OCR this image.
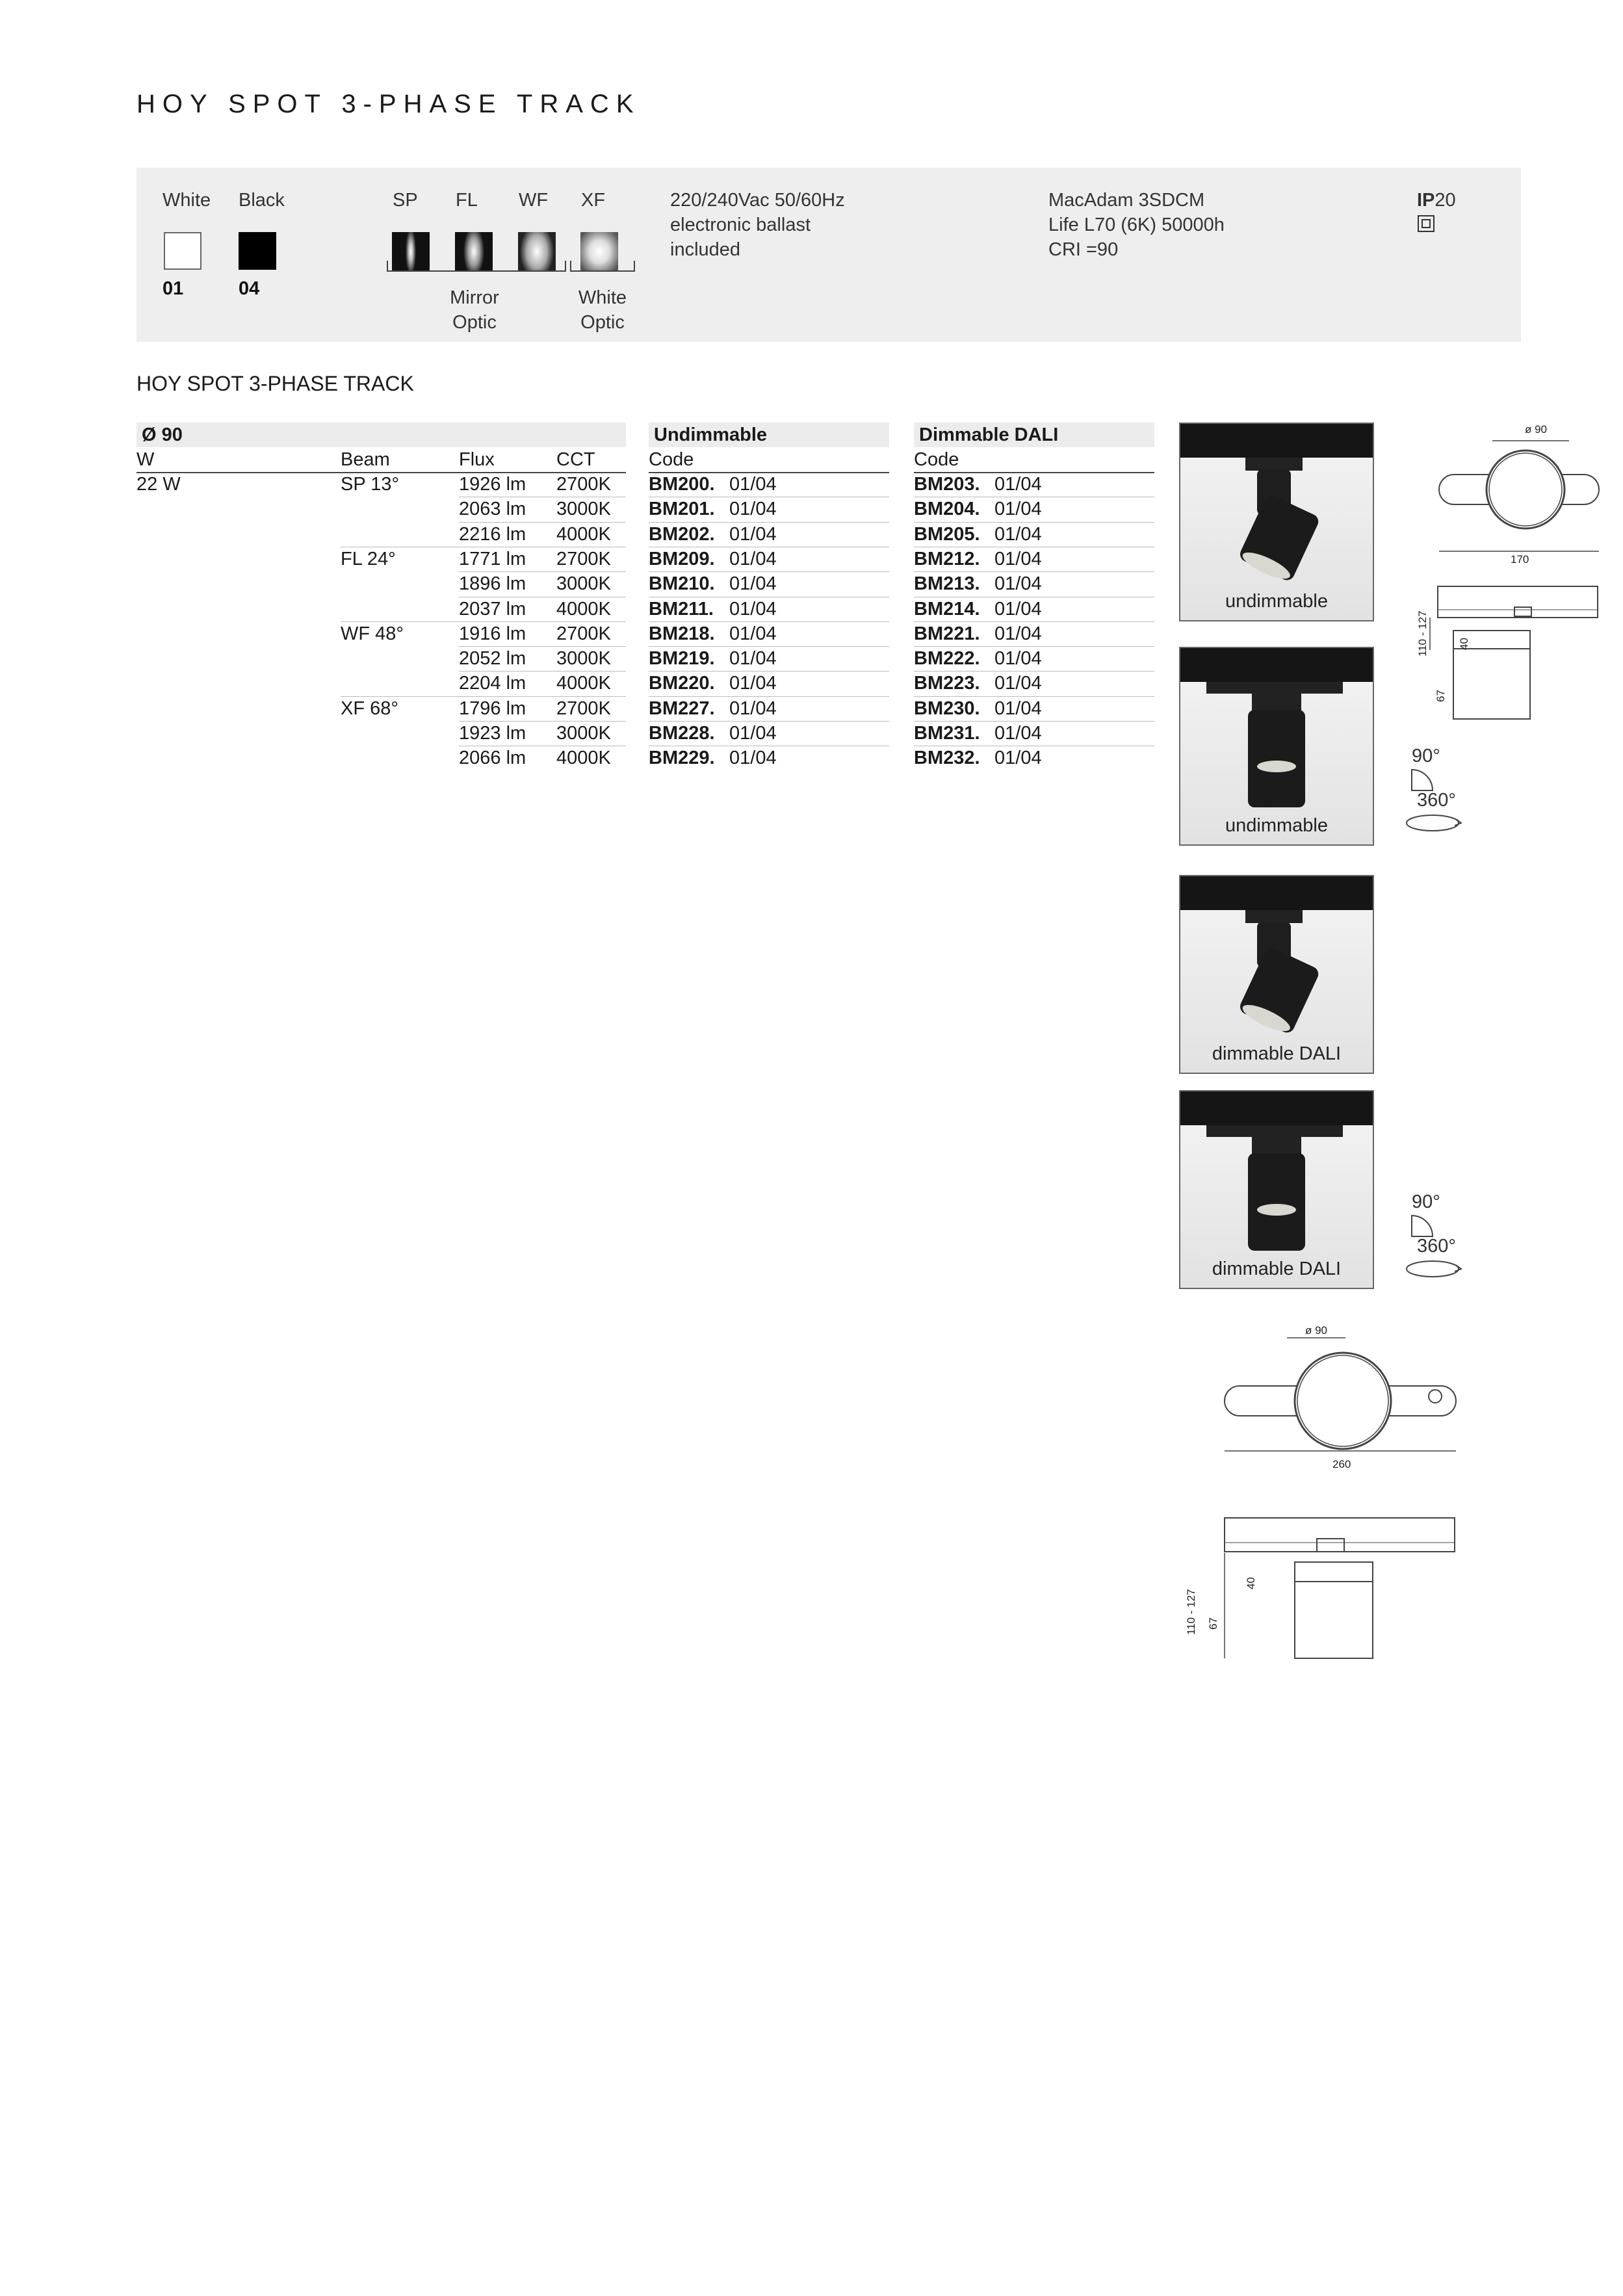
HOY SPOT 3-PHASE TRACK
White Black
01	04
SP FL WF XF
Mirror
Optic
White
Optic
220/240Vac 50/60Hz
electronic ballast
included
MacAdam 3SDCM
Life L70 (6K) 50000h
CRI =90
IP20
HOY SPOT 3-PHASE TRACK
Ø 90
W	Beam	Flux	CCT
Undimmable
Code
Dimmable DALI
Code
22 W	SP 13°	1926 lm 2700K BM200. 01/04	BM203. 01/04
2063 lm 3000K BM201. 01/04	BM204. 01/04
2216 lm 4000K BM202. 01/04	BM205. 01/04
FL 24°	1771 lm 2700K BM209. 01/04	BM212. 01/04
1896 lm 3000K BM210. 01/04	BM213. 01/04
2037 lm 4000K BM211. 01/04	BM214. 01/04
WF 48°	1916 lm 2700K BM218. 01/04	BM221. 01/04
2052 lm 3000K BM219. 01/04	BM222. 01/04
2204 lm 4000K BM220. 01/04	BM223. 01/04
XF 68°	1796 lm 2700K BM227. 01/04	BM230. 01/04
1923 lm 3000K BM228. 01/04	BM231. 01/04
2066 lm 4000K BM229. 01/04	BM232. 01/04
undimmable
undimmable
dimmable DALI
dimmable DALI
ø 90
170
110 - 127
67
40
90°
360°
90°
360°
ø 90
260
110 - 127 67
40
